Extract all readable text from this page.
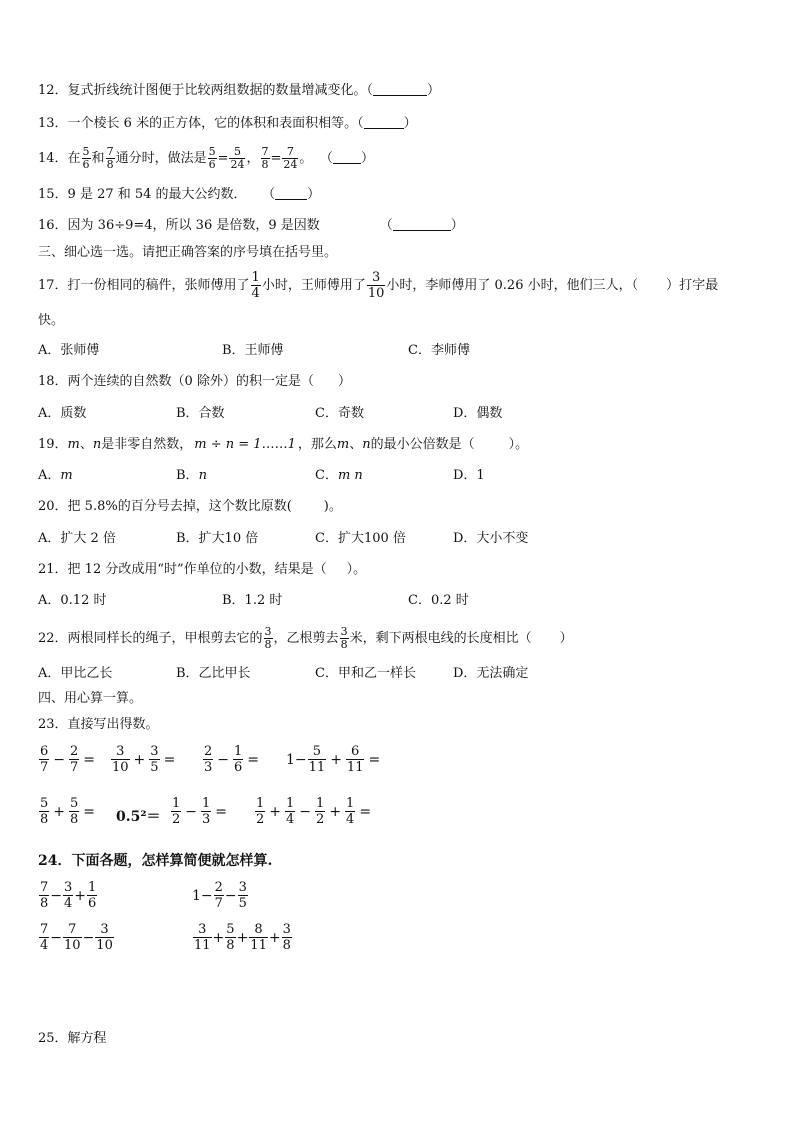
12．复式折线统计图便于比较两组数据的数量增减变化。（	）
13．一个棱长 6 米的正方体，它的体积和表面积相等。（	）
14．在 $\frac{5}{6}$ 和 $\frac{7}{8}$ 通分时，做法是 $\frac{5}{6} = \frac{5}{24}$ ， $\frac{7}{8} = \frac{7}{24}$ 。 （ ）
15．9 是 27 和 54 的最大公约数． （ ）
16．因为 36÷9=4，所以 36 是倍数，9 是因数	（	）
三、细心选一选。请把正确答案的序号填在括号里。
17．打一份相同的稿件，张师傅用了 $\frac{1}{4}$ 小时，王师傅用了 $\frac{3}{10}$ 小时，李师傅用了 0.26 小时，他们三人，（ ）打字最
快。
A．张师傅	B．王师傅	C．李师傅
18．两个连续的自然数（0 除外）的积一定是（ ）
A．质数	B．合数	C．奇数	D．偶数
19．m、n是非零自然数， m ÷ n = 1……1 ，那么m、n的最小公倍数是（	）。
A．m	B．n	C．m n	D．1
20．把 5.8%的百分号去掉，这个数比原数( )。
A．扩大 2 倍	B．扩大10 倍	C．扩大100 倍	D．大小不变
21．把 12 分改成用“时”作单位的小数，结果是（ ）。
A．0.12 时	B．1.2 时	C．0.2 时
22．两根同样长的绳子，甲根剪去它的 $\frac{3}{8}$ ，乙根剪去 $\frac{3}{8}$ 米，剩下两根电线的长度相比（ ）
A．甲比乙长	B．乙比甲长	C．甲和乙一样长	D．无法确定
四、用心算一算。
23．直接写出得数。
$\frac{6}{7} - \frac{2}{7} = \frac{3}{10} + \frac{3}{5} = \frac{2}{3} - \frac{1}{6} = 1- \frac{5}{11} + \frac{6}{11}$ =
$\frac{5}{8} + \frac{5}{8} = 0.5^2= \frac{1}{2} - \frac{1}{3} = \frac{1}{2} + \frac{1}{4} - \frac{1}{2} + \frac{1}{4}$ =
24．下面各题，怎样算简便就怎样算.
$\frac{7}{8} - \frac{3}{4} + \frac{1}{6}$	$1- \frac{2}{7} - \frac{3}{5}$
$\frac{7}{4} - \frac{7}{10} - \frac{3}{10}$	$\frac{3}{11} + \frac{5}{8} + \frac{8}{11} + \frac{3}{8}$
25．解方程
